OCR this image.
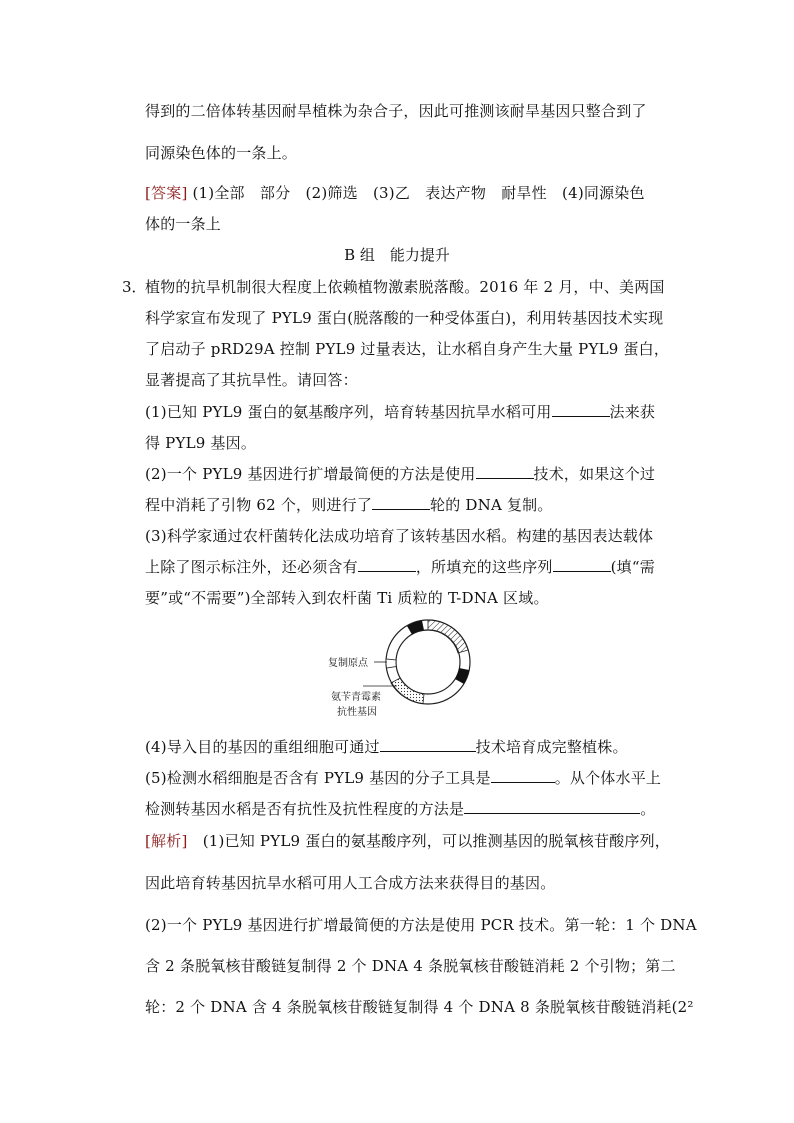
得到的二倍体转基因耐旱植株为杂合子，因此可推测该耐旱基因只整合到了
同源染色体的一条上。
[答案] (1)全部　部分　(2)筛选　(3)乙　表达产物　耐旱性　(4)同源染色
体的一条上
B 组　能力提升
3．
植物的抗旱机制很大程度上依赖植物激素脱落酸。2016 年 2 月，中、美两国
科学家宣布发现了 PYL9 蛋白(脱落酸的一种受体蛋白)，利用转基因技术实现
了启动子 pRD29A 控制 PYL9 过量表达，让水稻自身产生大量 PYL9 蛋白，
显著提高了其抗旱性。请回答：
(1)已知 PYL9 蛋白的氨基酸序列，培育转基因抗旱水稻可用	法来获
得 PYL9 基因。
(2)一个 PYL9 基因进行扩增最简便的方法是使用	技术，如果这个过
程中消耗了引物 62 个，则进行了	轮的 DNA 复制。
(3)科学家通过农杆菌转化法成功培育了该转基因水稻。构建的基因表达载体
上除了图示标注外，还必须含有	，所填充的这些序列	(填“需
要”或“不需要”)全部转入到农杆菌 Ti 质粒的 T-DNA 区域。
复制原点
氨苄青霉素
抗性基因
(4)导入目的基因的重组细胞可通过	技术培育成完整植株。
(5)检测水稻细胞是否含有 PYL9 基因的分子工具是	。从个体水平上
检测转基因水稻是否有抗性及抗性程度的方法是	。
[解析]　(1)已知 PYL9 蛋白的氨基酸序列，可以推测基因的脱氧核苷酸序列，
因此培育转基因抗旱水稻可用人工合成方法来获得目的基因。
(2)一个 PYL9 基因进行扩增最简便的方法是使用 PCR 技术。第一轮：1 个 DNA
含 2 条脱氧核苷酸链复制得 2 个 DNA 4 条脱氧核苷酸链消耗 2 个引物；第二
轮：2 个 DNA 含 4 条脱氧核苷酸链复制得 4 个 DNA 8 条脱氧核苷酸链消耗(2²
